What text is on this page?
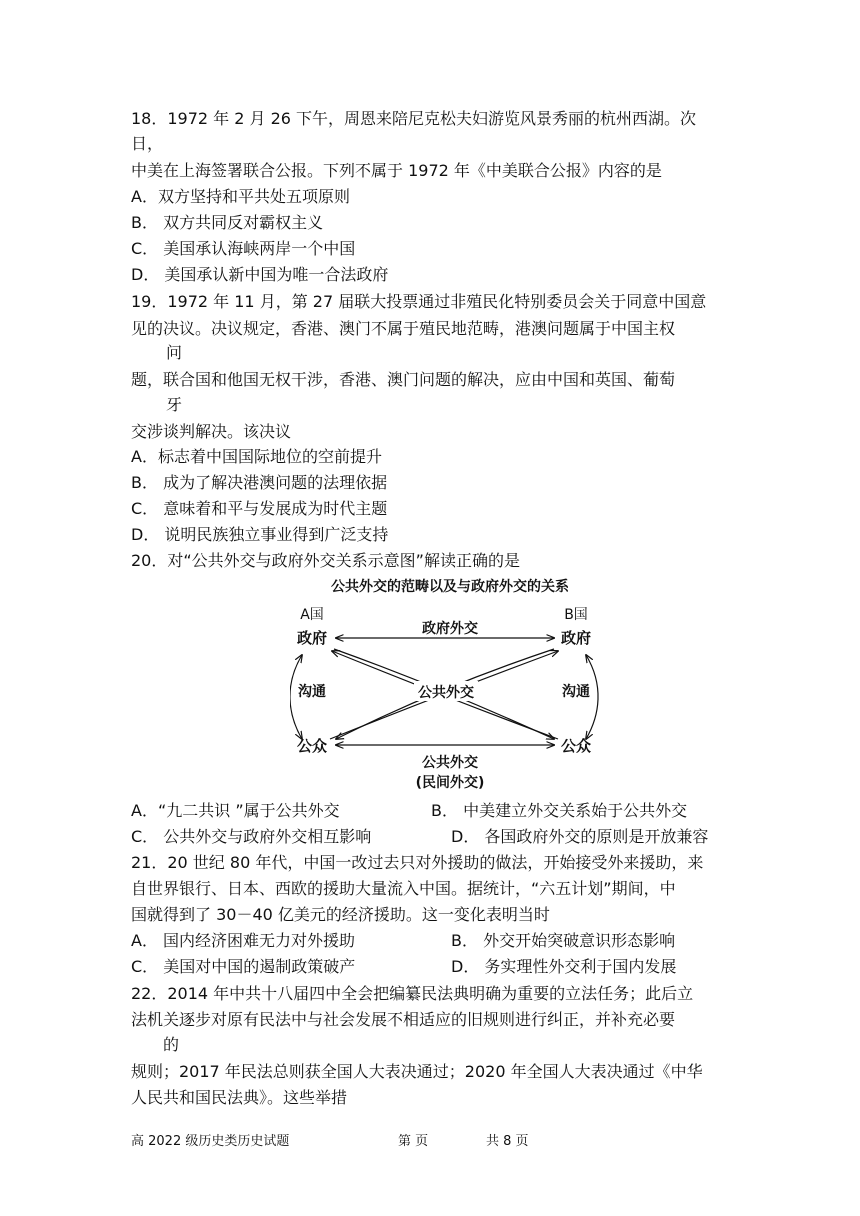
18．1972 年 2 月 26 下午，周恩来陪尼克松夫妇游览风景秀丽的杭州西湖。次
日，
中美在上海签署联合公报。下列不属于 1972 年《中美联合公报》内容的是
A．双方坚持和平共处五项原则
B． 双方共同反对霸权主义
C． 美国承认海峡两岸一个中国
D． 美国承认新中国为唯一合法政府
19．1972 年 11 月，第 27 届联大投票通过非殖民化特别委员会关于同意中国意
见的决议。决议规定，香港、澳门不属于殖民地范畴，港澳问题属于中国主权
问
题，联合国和他国无权干涉，香港、澳门问题的解决，应由中国和英国、葡萄
牙
交涉谈判解决。该决议
A．标志着中国国际地位的空前提升
B． 成为了解决港澳问题的法理依据
C． 意味着和平与发展成为时代主题
D． 说明民族独立事业得到广泛支持
20．对“公共外交与政府外交关系示意图”解读正确的是
公共外交的范畴以及与政府外交的关系
A国	B国
政府	政府
政府外交
沟通	沟通
公共外交
公众	公众
公共外交
(民间外交)
A．“九二共识 ”属于公共外交	B． 中美建立外交关系始于公共外交
C． 公共外交与政府外交相互影响	D． 各国政府外交的原则是开放兼容
21．20 世纪 80 年代，中国一改过去只对外援助的做法，开始接受外来援助，来
自世界银行、日本、西欧的援助大量流入中国。据统计，“六五计划”期间，中
国就得到了 30－40 亿美元的经济援助。这一变化表明当时
A． 国内经济困难无力对外援助	B． 外交开始突破意识形态影响
C． 美国对中国的遏制政策破产	D． 务实理性外交利于国内发展
22．2014 年中共十八届四中全会把编纂民法典明确为重要的立法任务；此后立
法机关逐步对原有民法中与社会发展不相适应的旧规则进行纠正，并补充必要
的
规则；2017 年民法总则获全国人大表决通过；2020 年全国人大表决通过《中华
人民共和国民法典》。这些举措
高 2022 级历史类历史试题	第 页	共 8 页
